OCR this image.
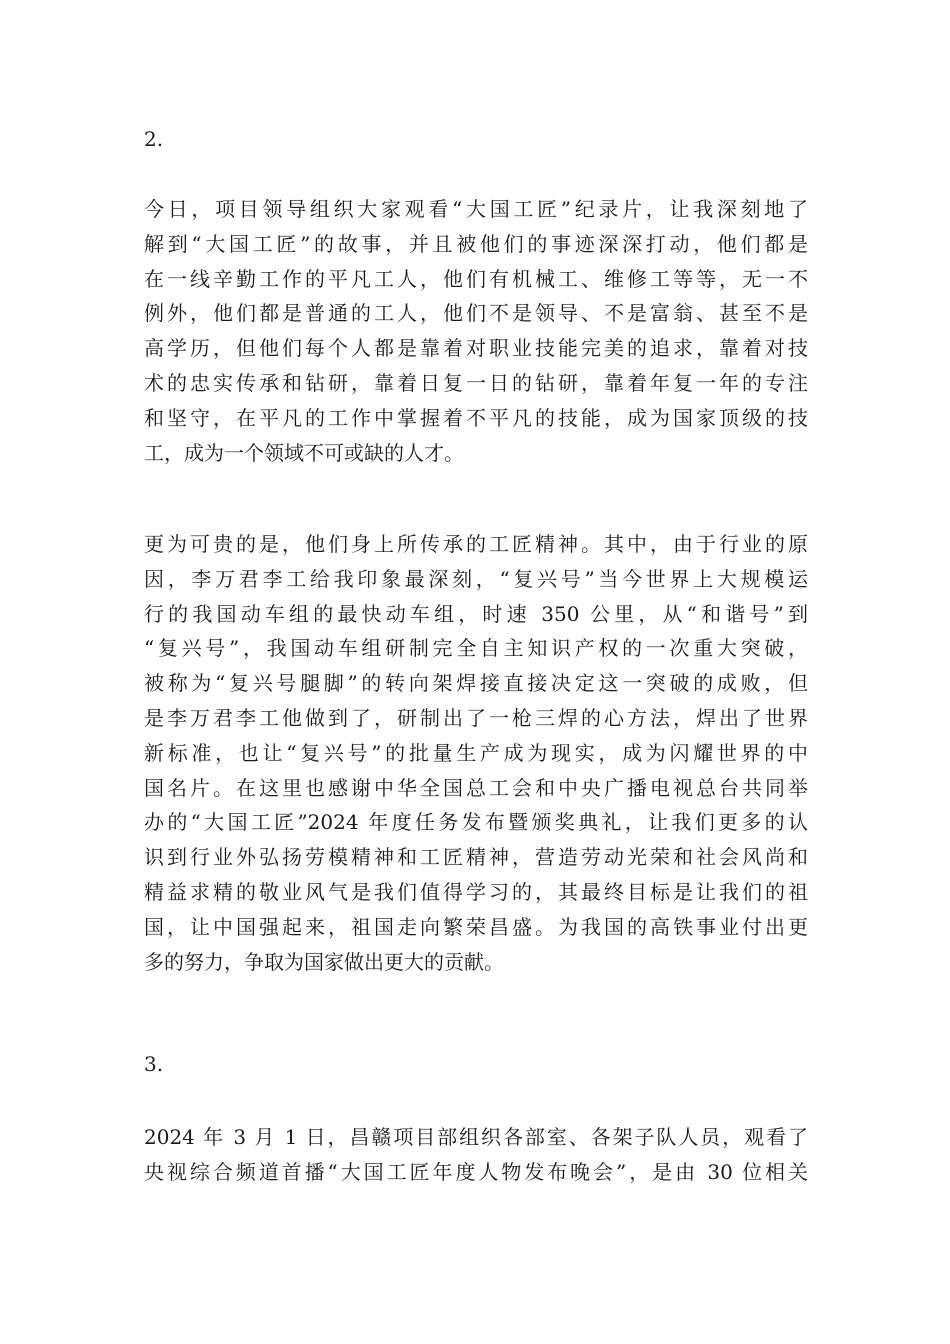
2.

今日，项目领导组织大家观看“大国工匠”纪录片，让我深刻地了
解到“大国工匠”的故事，并且被他们的事迹深深打动，他们都是
在一线辛勤工作的平凡工人，他们有机械工、维修工等等，无一不
例外，他们都是普通的工人，他们不是领导、不是富翁、甚至不是
高学历，但他们每个人都是靠着对职业技能完美的追求，靠着对技
术的忠实传承和钻研，靠着日复一日的钻研，靠着年复一年的专注
和坚守，在平凡的工作中掌握着不平凡的技能，成为国家顶级的技
工，成为一个领域不可或缺的人才。
更为可贵的是，他们身上所传承的工匠精神。其中，由于行业的原
因，李万君李工给我印象最深刻，“复兴号”当今世界上大规模运
行的我国动车组的最快动车组，时速 350 公里，从“和谐号”到
“复兴号”，我国动车组研制完全自主知识产权的一次重大突破，
被称为“复兴号腿脚”的转向架焊接直接决定这一突破的成败，但
是李万君李工他做到了，研制出了一枪三焊的心方法，焊出了世界
新标准，也让“复兴号”的批量生产成为现实，成为闪耀世界的中
国名片。在这里也感谢中华全国总工会和中央广播电视总台共同举
办的“大国工匠”2024 年度任务发布暨颁奖典礼，让我们更多的认
识到行业外弘扬劳模精神和工匠精神，营造劳动光荣和社会风尚和
精益求精的敬业风气是我们值得学习的，其最终目标是让我们的祖
国，让中国强起来，祖国走向繁荣昌盛。为我国的高铁事业付出更
多的努力，争取为国家做出更大的贡献。

3.

2024 年 3 月 1 日，昌赣项目部组织各部室、各架子队人员，观看了
央视综合频道首播“大国工匠年度人物发布晚会”，是由 30 位相关
